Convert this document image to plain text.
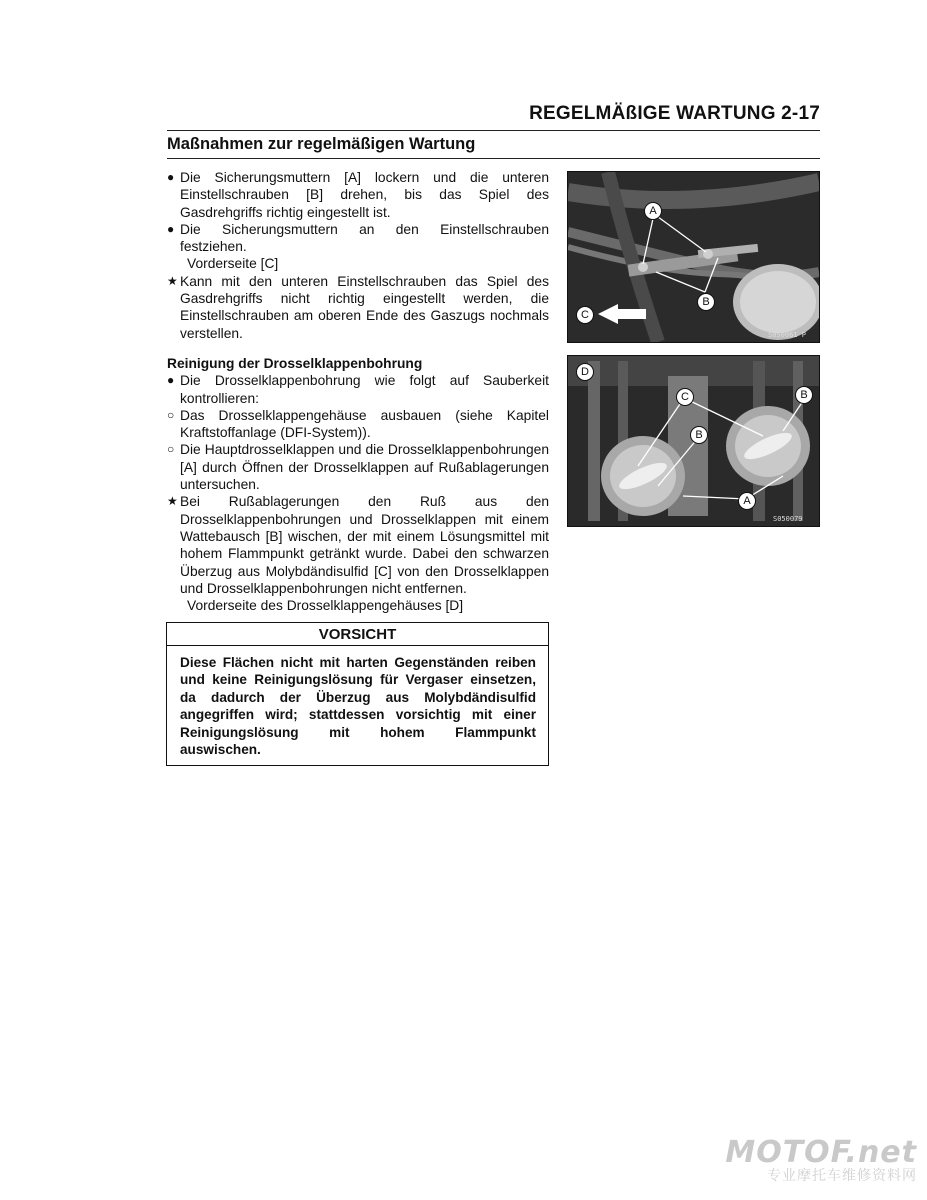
REGELMÄßIGE WARTUNG 2-17
Maßnahmen zur regelmäßigen Wartung
● Die Sicherungsmuttern [A] lockern und die unteren Einstellschrauben [B] drehen, bis das Spiel des Gasdrehgriffs richtig eingestellt ist.
● Die Sicherungsmuttern an den Einstellschrauben festziehen.
Vorderseite [C]
★ Kann mit den unteren Einstellschrauben das Spiel des Gasdrehgriffs nicht richtig eingestellt werden, die Einstellschrauben am oberen Ende des Gaszugs nochmals verstellen.
Reinigung der Drosselklappenbohrung
● Die Drosselklappenbohrung wie folgt auf Sauberkeit kontrollieren:
○ Das Drosselklappengehäuse ausbauen (siehe Kapitel Kraftstoffanlage (DFI-System)).
○ Die Hauptdrosselklappen und die Drosselklappenbohrungen [A] durch Öffnen der Drosselklappen auf Rußablagerungen untersuchen.
★ Bei Rußablagerungen den Ruß aus den Drosselklappenbohrungen und Drosselklappen mit einem Wattebausch [B] wischen, der mit einem Lösungsmittel mit hohem Flammpunkt getränkt wurde. Dabei den schwarzen Überzug aus Molybdändisulfid [C] von den Drosselklappen und Drosselklappenbohrungen nicht entfernen.
Vorderseite des Drosselklappengehäuses [D]
VORSICHT
Diese Flächen nicht mit harten Gegenständen reiben und keine Reinigungslösung für Vergaser einsetzen, da dadurch der Überzug aus Molybdändisulfid angegriffen wird; stattdessen vorsichtig mit einer Reinigungslösung mit hohem Flammpunkt auswischen.
A
B
C
S050061 P
D
C
B
B
A
S050079
MOTOF.net
专业摩托车维修资料网
